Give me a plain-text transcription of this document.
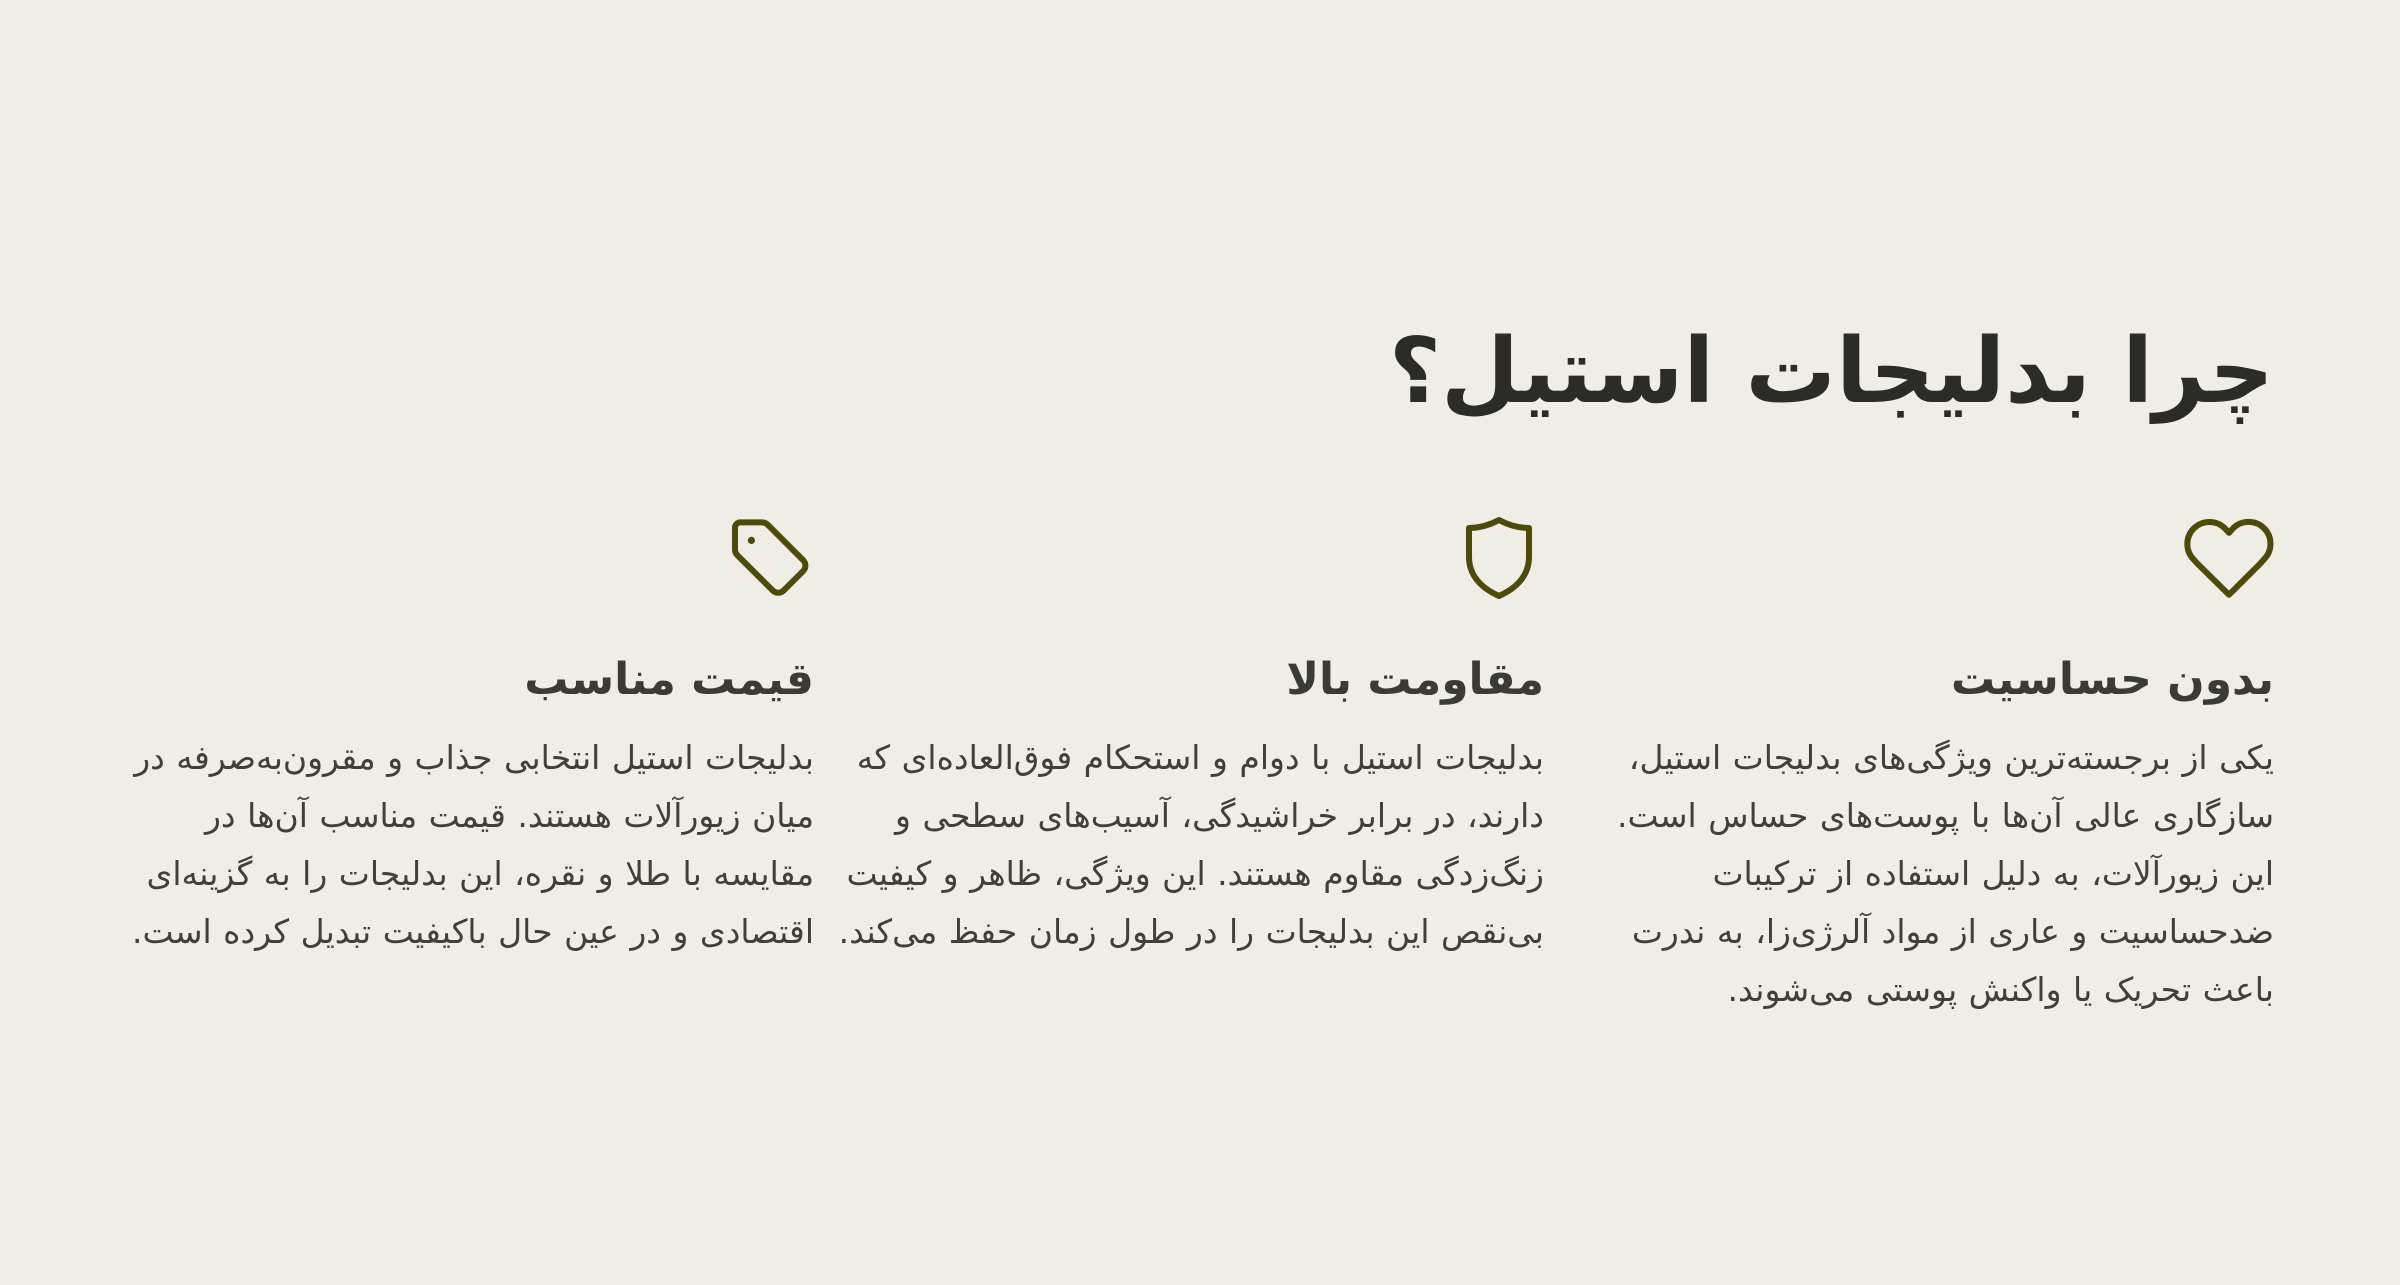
چرا بدلیجات استیل؟
بدون حساسیت

یکی از برجسته‌ترین ویژگی‌های بدلیجات استیل، سازگاری عالی آن‌ها با پوست‌های حساس است. این زیورآلات، به دلیل استفاده از ترکیبات ضدحساسیت و عاری از مواد آلرژی‌زا، به ندرت باعث تحریک یا واکنش پوستی می‌شوند.

مقاومت بالا

بدلیجات استیل با دوام و استحکام فوق‌العاده‌ای که دارند، در برابر خراشیدگی، آسیب‌های سطحی و زنگ‌زدگی مقاوم هستند. این ویژگی، ظاهر و کیفیت بی‌نقص این بدلیجات را در طول زمان حفظ می‌کند.

قیمت مناسب

بدلیجات استیل انتخابی جذاب و مقرون‌به‌صرفه در میان زیورآلات هستند. قیمت مناسب آن‌ها در مقایسه با طلا و نقره، این بدلیجات را به گزینه‌ای اقتصادی و در عین حال باکیفیت تبدیل کرده است.
